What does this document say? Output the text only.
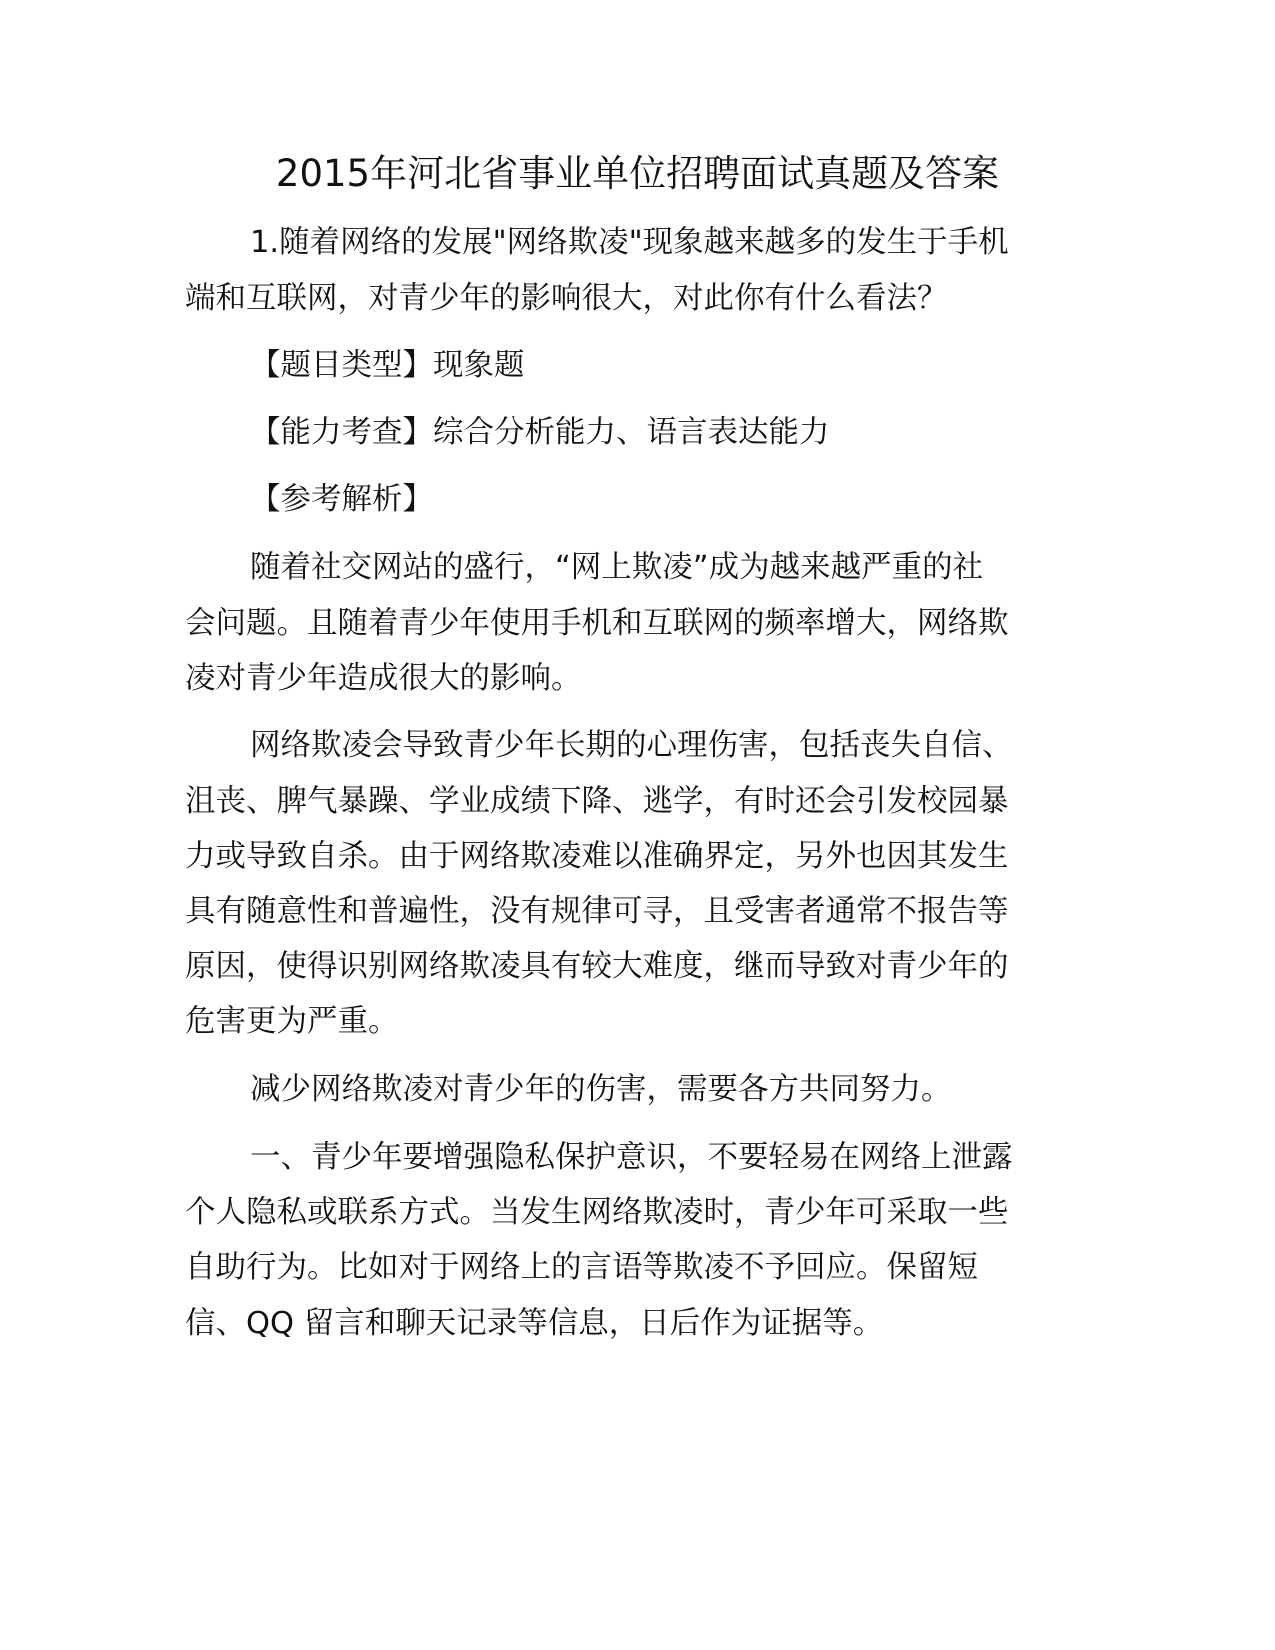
2015年河北省事业单位招聘面试真题及答案

1.随着网络的发展"网络欺凌"现象越来越多的发生于手机

端和互联网，对青少年的影响很大，对此你有什么看法？

【题目类型】现象题

【能力考查】综合分析能力、语言表达能力

【参考解析】

随着社交网站的盛行，“网上欺凌”成为越来越严重的社

会问题。且随着青少年使用手机和互联网的频率增大，网络欺

凌对青少年造成很大的影响。

网络欺凌会导致青少年长期的心理伤害，包括丧失自信、

沮丧、脾气暴躁、学业成绩下降、逃学，有时还会引发校园暴

力或导致自杀。由于网络欺凌难以准确界定，另外也因其发生

具有随意性和普遍性，没有规律可寻，且受害者通常不报告等

原因，使得识别网络欺凌具有较大难度，继而导致对青少年的

危害更为严重。

减少网络欺凌对青少年的伤害，需要各方共同努力。

一、青少年要增强隐私保护意识，不要轻易在网络上泄露

个人隐私或联系方式。当发生网络欺凌时，青少年可采取一些

自助行为。比如对于网络上的言语等欺凌不予回应。保留短

信、QQ 留言和聊天记录等信息，日后作为证据等。
